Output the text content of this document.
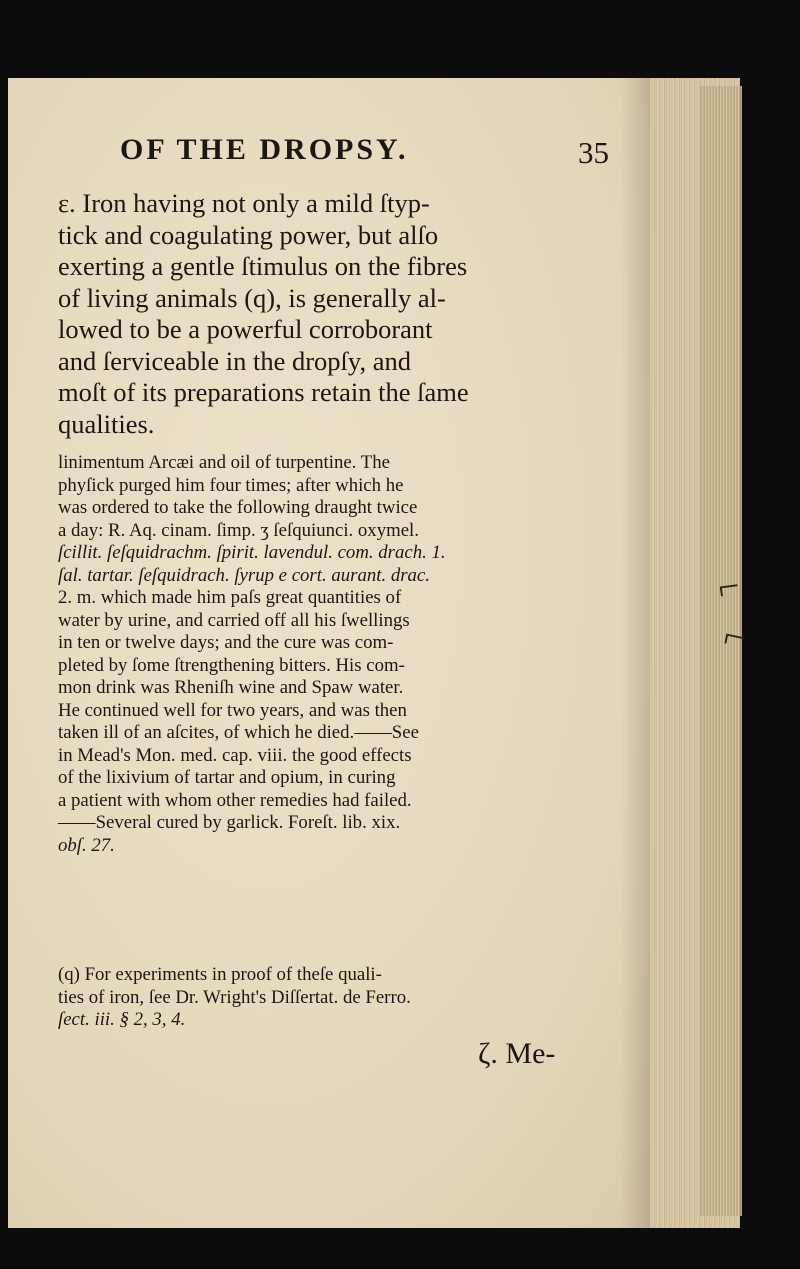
⌐
⌐
OF THE DROPSY.	35

ε. Iron having not only a mild ſtyp-
tick and coagulating power, but alſo
exerting a gentle ſtimulus on the fibres
of living animals (q), is generally al-
lowed to be a powerful corroborant
and ſerviceable in the dropſy, and
moſt of its preparations retain the ſame
qualities.

linimentum Arcæi and oil of turpentine. The
phyſick purged him four times; after which he
was ordered to take the following draught twice
a day: R. Aq. cinam. ſimp. ʒ ſeſquiunci. oxymel.
ſcillit. ſeſquidrachm. ſpirit. lavendul. com. drach. 1.
ſal. tartar. ſeſquidrach. ſyrup e cort. aurant. drac.
2. m. which made him paſs great quantities of
water by urine, and carried off all his ſwellings
in ten or twelve days; and the cure was com-
pleted by ſome ſtrengthening bitters. His com-
mon drink was Rheniſh wine and Spaw water.
He continued well for two years, and was then
taken ill of an aſcites, of which he died.——See
in Mead's Mon. med. cap. viii. the good effects
of the lixivium of tartar and opium, in curing
a patient with whom other remedies had failed.
——Several cured by garlick. Foreſt. lib. xix.
obſ. 27.

(q) For experiments in proof of theſe quali-
ties of iron, ſee Dr. Wright's Diſſertat. de Ferro.
ſect. iii. § 2, 3, 4.

ζ. Me-
